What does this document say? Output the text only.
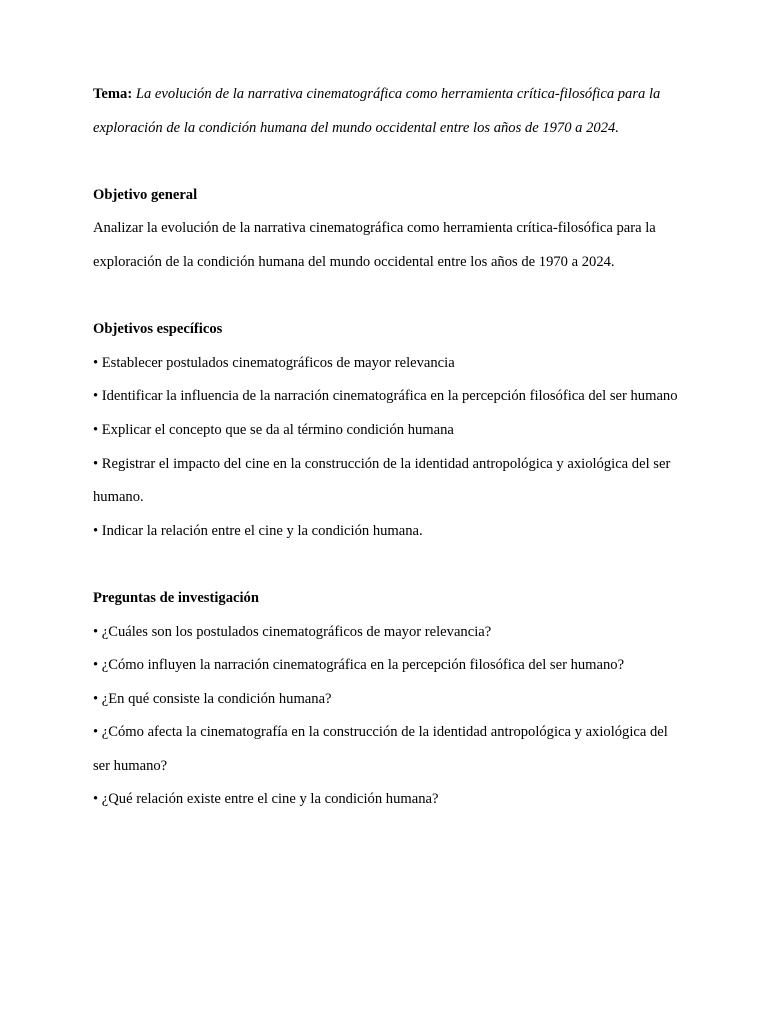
Tema: La evolución de la narrativa cinematográfica como herramienta crítica-filosófica para la exploración de la condición humana del mundo occidental entre los años de 1970 a 2024.

Objetivo general

Analizar la evolución de la narrativa cinematográfica como herramienta crítica-filosófica para la exploración de la condición humana del mundo occidental entre los años de 1970 a 2024.

Objetivos específicos

• Establecer postulados cinematográficos de mayor relevancia

• Identificar la influencia de la narración cinematográfica en la percepción filosófica del ser humano

• Explicar el concepto que se da al término condición humana

• Registrar el impacto del cine en la construcción de la identidad antropológica y axiológica del ser humano.

• Indicar la relación entre el cine y la condición humana.

Preguntas de investigación

• ¿Cuáles son los postulados cinematográficos de mayor relevancia?

• ¿Cómo influyen la narración cinematográfica en la percepción filosófica del ser humano?

• ¿En qué consiste la condición humana?

• ¿Cómo afecta la cinematografía en la construcción de la identidad antropológica y axiológica del ser humano?

• ¿Qué relación existe entre el cine y la condición humana?
